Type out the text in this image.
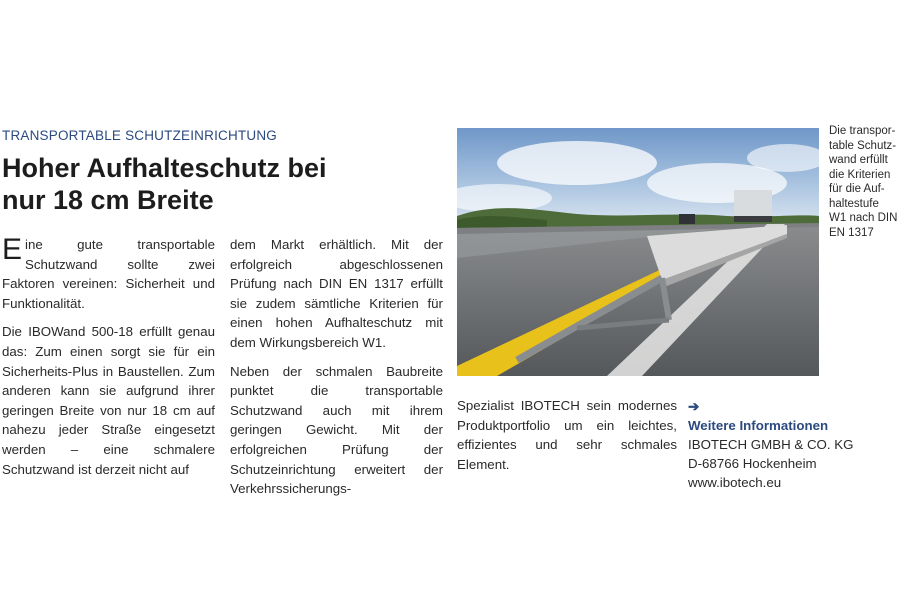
TRANSPORTABLE SCHUTZEINRICHTUNG
Hoher Aufhalteschutz bei
nur 18 cm Breite

Eine gute transportable Schutzwand sollte zwei Faktoren vereinen: Sicherheit und Funktionalität.

Die IBOWand 500-18 erfüllt genau das: Zum einen sorgt sie für ein Sicherheits-Plus in Baustellen. Zum anderen kann sie aufgrund ihrer geringen Breite von nur 18 cm auf nahezu jeder Straße eingesetzt werden – eine schmalere Schutzwand ist derzeit nicht auf

dem Markt erhältlich. Mit der erfolgreich abgeschlossenen Prüfung nach DIN EN 1317 erfüllt sie zudem sämtliche Kriterien für einen hohen Aufhalteschutz mit dem Wirkungsbereich W1.

Neben der schmalen Baubreite punktet die transportable Schutzwand auch mit ihrem geringen Gewicht. Mit der erfolgreichen Prüfung der Schutzeinrichtung erweitert der Verkehrssicherungs-

Die transpor-
table Schutz-
wand erfüllt
die Kriterien
für die Auf-
haltestufe
W1 nach DIN
EN 1317

Spezialist IBOTECH sein modernes Produktportfolio um ein leichtes, effizientes und sehr schmales Element.

➔
Weitere Informationen
IBOTECH GMBH & CO. KG
D-68766 Hockenheim
www.ibotech.eu
